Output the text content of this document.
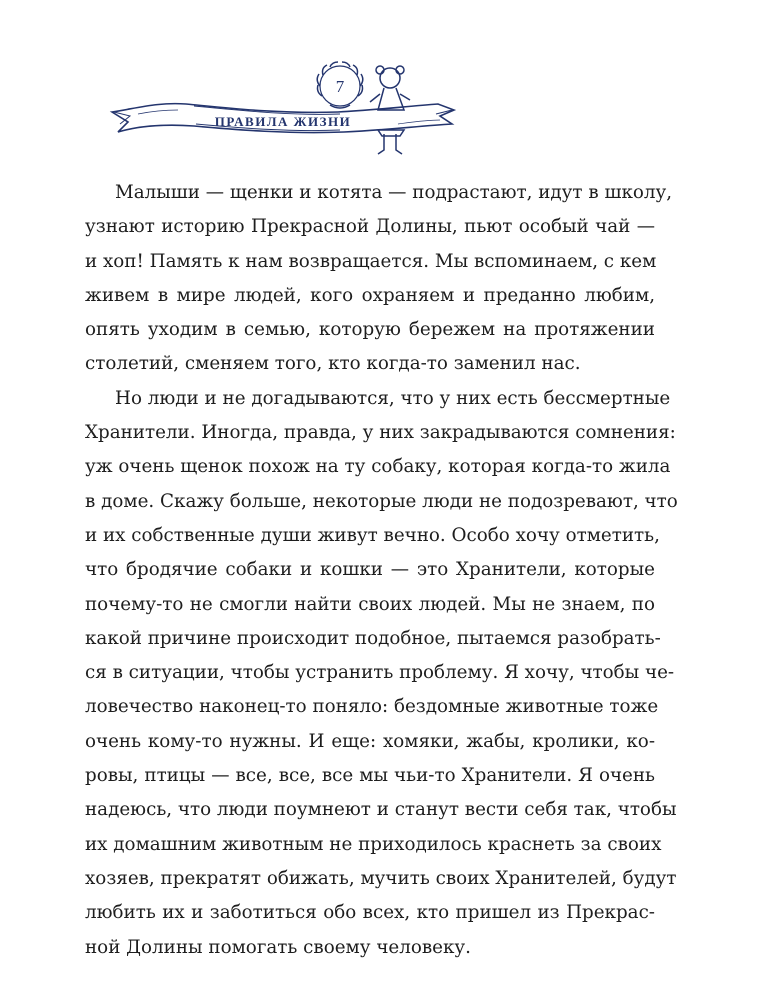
7
ПРАВИЛА ЖИЗНИ
Малыши — щенки и котята — подрастают, идут в школу,
узнают историю Прекрасной Долины, пьют особый чай —
и хоп! Память к нам возвращается. Мы вспоминаем, с кем
живем в мире людей, кого охраняем и преданно любим,
опять уходим в семью, которую бережем на протяжении
столетий, сменяем того, кто когда-то заменил нас.
Но люди и не догадываются, что у них есть бессмертные
Хранители. Иногда, правда, у них закрадываются сомнения:
уж очень щенок похож на ту собаку, которая когда-то жила
в доме. Скажу больше, некоторые люди не подозревают, что
и их собственные души живут вечно. Особо хочу отметить,
что бродячие собаки и кошки — это Хранители, которые
почему-то не смогли найти своих людей. Мы не знаем, по
какой причине происходит подобное, пытаемся разобрать-
ся в ситуации, чтобы устранить проблему. Я хочу, чтобы че-
ловечество наконец-то поняло: бездомные животные тоже
очень кому-то нужны. И еще: хомяки, жабы, кролики, ко-
ровы, птицы — все, все, все мы чьи-то Хранители. Я очень
надеюсь, что люди поумнеют и станут вести себя так, чтобы
их домашним животным не приходилось краснеть за своих
хозяев, прекратят обижать, мучить своих Хранителей, будут
любить их и заботиться обо всех, кто пришел из Прекрас-
ной Долины помогать своему человеку.
